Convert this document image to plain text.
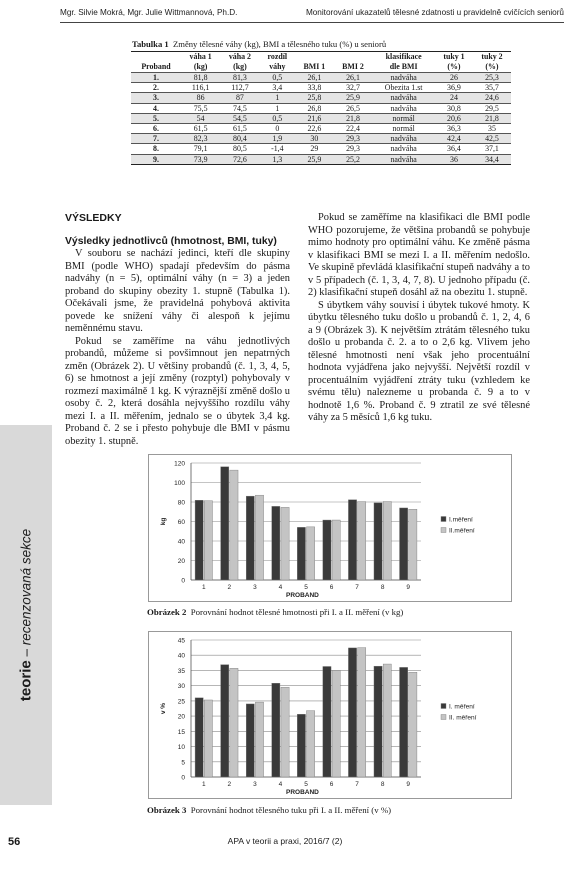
Mgr. Silvie Mokrá, Mgr. Julie Wittmannová, Ph.D.	Monitorování ukazatelů tělesné zdatnosti u pravidelně cvičících seniorů
teorie – recenzovaná sekce
Tabulka 1 Změny tělesné váhy (kg), BMI a tělesného tuku (%) u seniorů
	váha 1	váha 2	rozdíl			klasifikace	tuky 1	tuky 2
Proband	(kg)	(kg)	váhy	BMI 1	BMI 2	dle BMI	(%)	(%)
1.	81,8	81,3	0,5	26,1	26,1	nadváha	26	25,3
2.	116,1	112,7	3,4	33,8	32,7	Obezita 1.st	36,9	35,7
3.	86	87	1	25,8	25,9	nadváha	24	24,6
4.	75,5	74,5	1	26,8	26,5	nadváha	30,8	29,5
5.	54	54,5	0,5	21,6	21,8	normál	20,6	21,8
6.	61,5	61,5	0	22,6	22,4	normál	36,3	35
7.	82,3	80,4	1,9	30	29,3	nadváha	42,4	42,5
8.	79,1	80,5	-1,4	29	29,3	nadváha	36,4	37,1
9.	73,9	72,6	1,3	25,9	25,2	nadváha	36	34,4
VÝSLEDKY
Výsledky jednotlivců (hmotnost, BMI, tuky)

V souboru se nachází jedinci, kteří dle skupiny BMI (podle WHO) spadají především do pásma nadváhy (n = 5), optimální váhy (n = 3) a jeden proband do skupiny obezity 1. stupně (Tabulka 1). Očekávali jsme, že pravidelná pohybová aktivita povede ke snížení váhy či alespoň k jejímu neměnnému stavu.

Pokud se zaměříme na váhu jednotlivých probandů, můžeme si povšimnout jen nepatrných změn (Obrázek 2). U většiny probandů (č. 1, 3, 4, 5, 6) se hmotnost a její změny (rozptyl) pohybovaly v rozmezí maximálně 1 kg. K výraznější změně došlo u osoby č. 2, která dosáhla nejvyššího rozdílu váhy mezi I. a II. měřením, jednalo se o úbytek 3,4 kg. Proband č. 2 se i přesto pohybuje dle BMI v pásmu obezity 1. stupně.

Pokud se zaměříme na klasifikaci dle BMI podle WHO pozorujeme, že většina probandů se pohybuje mimo hodnoty pro optimální váhu. Ke změně pásma v klasifikaci BMI se mezi I. a II. měřením nedošlo. Ve skupině převládá klasifikační stupeň nadváhy a to v 5 případech (č. 1, 3, 4, 7, 8). U jednoho případu (č. 2) klasifikační stupeň dosáhl až na obezitu 1. stupně.

S úbytkem váhy souvisí i úbytek tukové hmoty. K úbytku tělesného tuku došlo u probandů č. 1, 2, 4, 6 a 9 (Obrázek 3). K největším ztrátám tělesného tuku došlo u probanda č. 2. a to o 2,6 kg. Vlivem jeho tělesné hmotnosti není však jeho procentuální hodnota vyjádřena jako nejvyšší. Největší rozdíl v procentuálním vyjádření ztráty tuku (vzhledem ke svému tělu) nalezneme u probanda č. 9 a to v hodnotě 1,6 %. Proband č. 9 ztratil ze své tělesné váhy za 5 měsíců 1,6 kg tuku.

0
20
40
60
80
100
120
1	2	3	4	5	6	7	8	9
PROBAND
kg	I.měření
II.měření
Obrázek 2 Porovnání hodnot tělesné hmotnosti při I. a II. měření (v kg)
0
5
10
15
20
25
30
35
40
45
1	2	3	4	5	6	7	8	9
PROBAND
v %	I. měření
II. měření
Obrázek 3 Porovnání hodnot tělesného tuku při I. a II. měření (v %)
56	APA v teorii a praxi, 2016/7 (2)
